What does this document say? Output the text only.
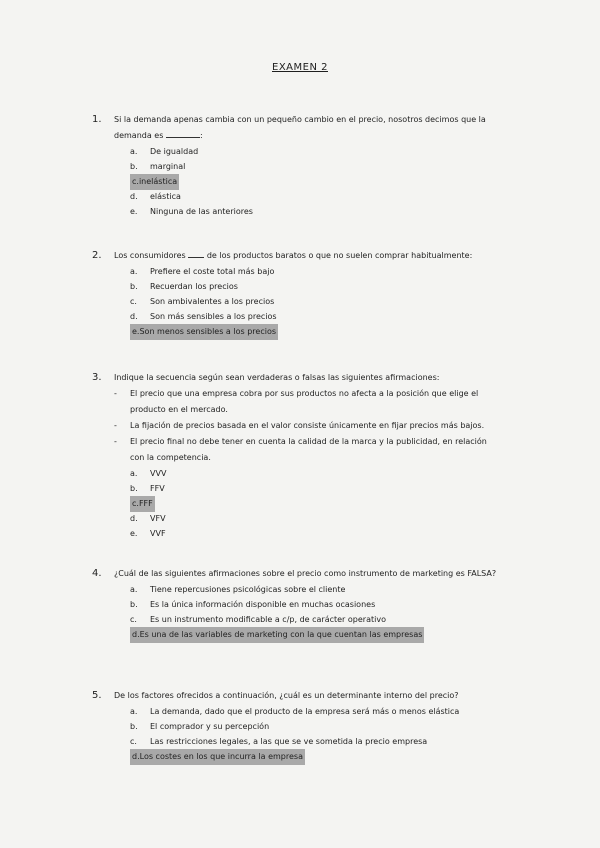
EXAMEN 2
1. Si la demanda apenas cambia con un pequeño cambio en el precio, nosotros decimos que la demanda es	:
a.	De igualdad
b.	marginal
c.inelástica
d.	elástica
e.	Ninguna de las anteriores
2. Los consumidores	de los productos baratos o que no suelen comprar habitualmente:
a.	Prefiere el coste total más bajo
b.	Recuerdan los precios
c.	Son ambivalentes a los precios
d.	Son más sensibles a los precios
e.Son menos sensibles a los precios
3. Indique la secuencia según sean verdaderas o falsas las siguientes afirmaciones:
-	El precio que una empresa cobra por sus productos no afecta a la posición que elige el producto en el mercado.
-	La fijación de precios basada en el valor consiste únicamente en fijar precios más bajos.
-	El precio final no debe tener en cuenta la calidad de la marca y la publicidad, en relación con la competencia.
a.	VVV
b.	FFV
c.FFF
d.	VFV
e.	VVF
4. ¿Cuál de las siguientes afirmaciones sobre el precio como instrumento de marketing es FALSA?
a.	Tiene repercusiones psicológicas sobre el cliente
b.	Es la única información disponible en muchas ocasiones
c.	Es un instrumento modificable a c/p, de carácter operativo
d.Es una de las variables de marketing con la que cuentan las empresas
5. De los factores ofrecidos a continuación, ¿cuál es un determinante interno del precio?
a.	La demanda, dado que el producto de la empresa será más o menos elástica
b.	El comprador y su percepción
c.	Las restricciones legales, a las que se ve sometida la precio empresa
d.Los costes en los que incurra la empresa
